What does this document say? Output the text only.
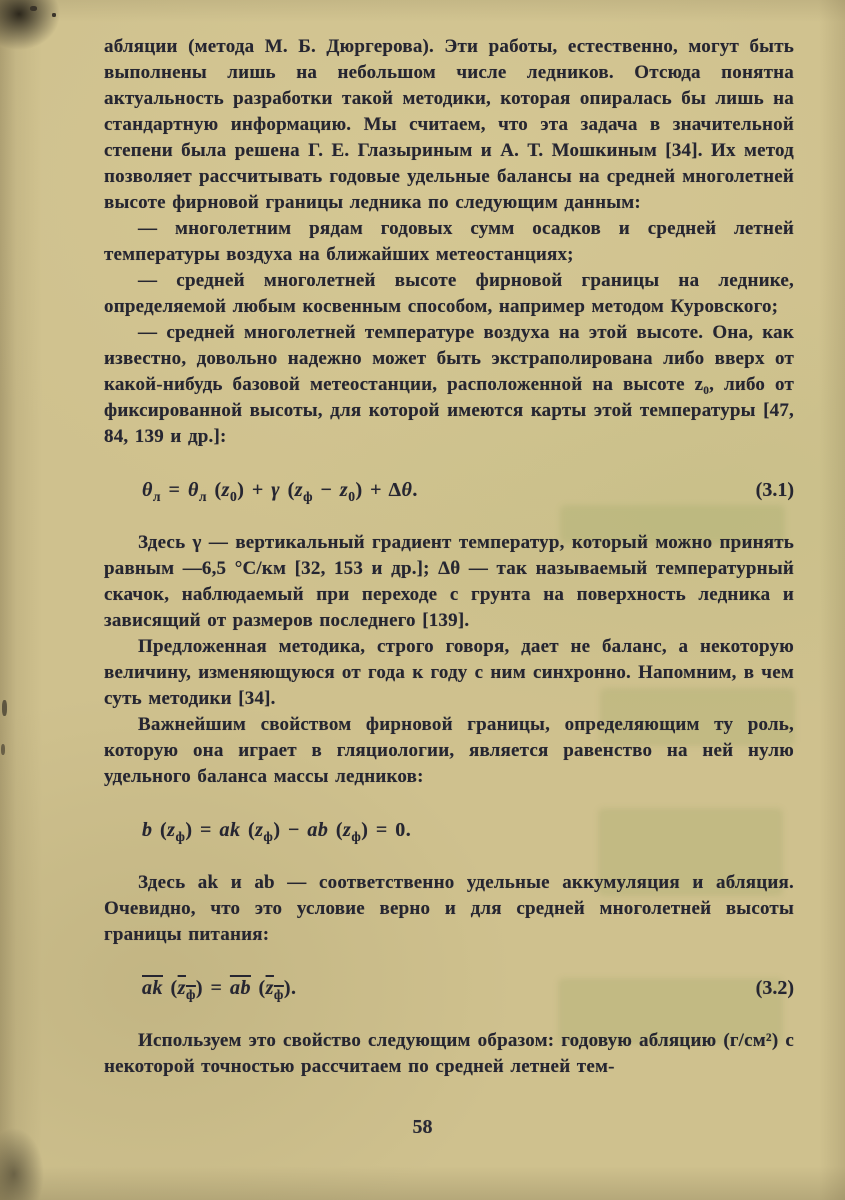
абляции (метода М. Б. Дюргерова). Эти работы, естественно, могут быть выполнены лишь на небольшом числе ледников. Отсюда понятна актуальность разработки такой методики, которая опиралась бы лишь на стандартную информацию. Мы считаем, что эта задача в значительной степени была решена Г. Е. Глазыриным и А. Т. Мошкиным [34]. Их метод позволяет рассчитывать годовые удельные балансы на средней многолетней высоте фирновой границы ледника по следующим данным:

— многолетним рядам годовых сумм осадков и средней летней температуры воздуха на ближайших метеостанциях;

— средней многолетней высоте фирновой границы на леднике, определяемой любым косвенным способом, например методом Куровского;

— средней многолетней температуре воздуха на этой высоте. Она, как известно, довольно надежно может быть экстраполирована либо вверх от какой-нибудь базовой метеостанции, расположенной на высоте z₀, либо от фиксированной высоты, для которой имеются карты этой температуры [47, 84, 139 и др.]:

$\theta_л = \theta_л$ $(z_0) + \gamma$ $(z_ф - z_0) + \Delta\theta$.	(3.1)

Здесь γ — вертикальный градиент температур, который можно принять равным —6,5 °С/км [32, 153 и др.]; Δθ — так называемый температурный скачок, наблюдаемый при переходе с грунта на поверхность ледника и зависящий от размеров последнего [139].

Предложенная методика, строго говоря, дает не баланс, а некоторую величину, изменяющуюся от года к году с ним синхронно. Напомним, в чем суть методики [34].

Важнейшим свойством фирновой границы, определяющим ту роль, которую она играет в гляциологии, является равенство на ней нулю удельного баланса массы ледников:

b $(z_ф)$ = ak $(z_ф)$ − ab $(z_ф) = 0$.

Здесь ak и ab — соответственно удельные аккумуляция и абляция. Очевидно, что это условие верно и для средней многолетней высоты границы питания:

$\overline{ak}$ $(\overline{z}_ф) = \overline{ab}$ $(\overline{z}_ф)$.	(3.2)

Используем это свойство следующим образом: годовую абляцию (г/см²) с некоторой точностью рассчитаем по средней летней тем-

58
